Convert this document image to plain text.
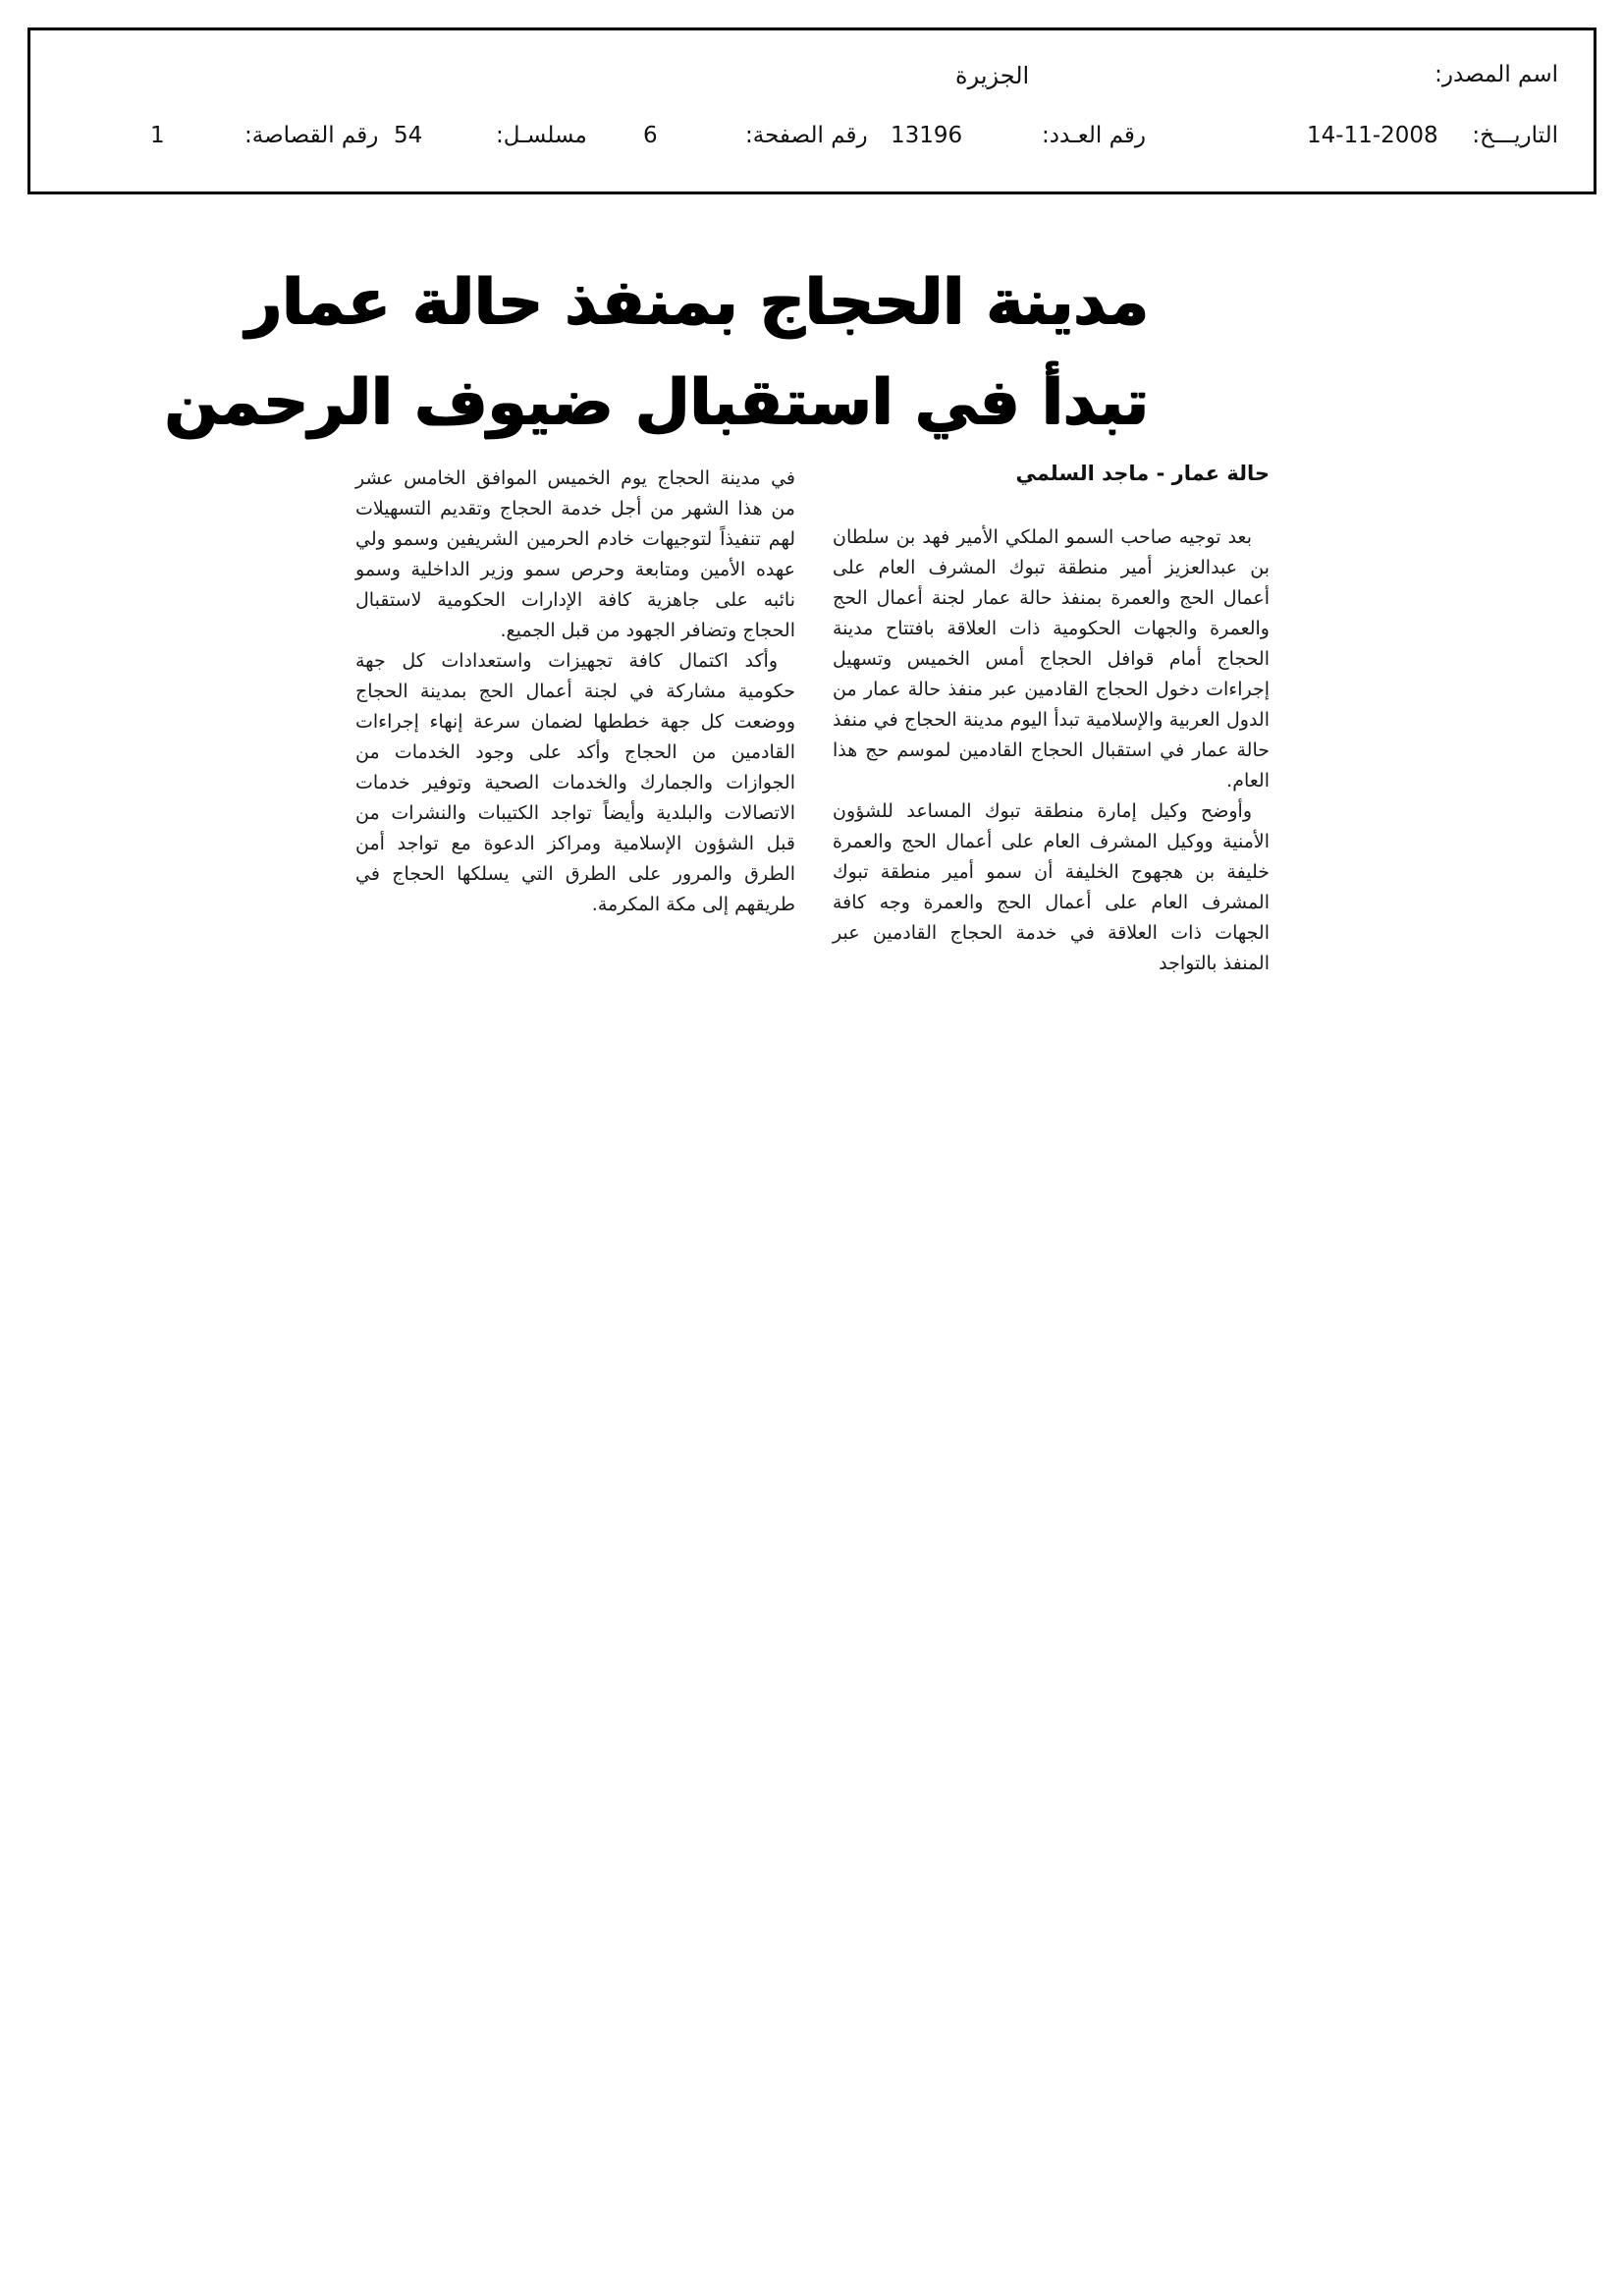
اسم المصدر:
الجزيرة
التاريـــخ:
14-11-2008
رقم العـدد:
13196
رقم الصفحة:
6
مسلسـل:
54
رقم القصاصة:
1
مدينة الحجاج بمنفذ حالة عمار
تبدأ في استقبال ضيوف الرحمن
حالة عمار - ماجد السلمي

بعد توجيه صاحب السمو الملكي الأمير فهد بن سلطان بن عبدالعزيز أمير منطقة تبوك المشرف العام على أعمال الحج والعمرة بمنفذ حالة عمار لجنة أعمال الحج والعمرة والجهات الحكومية ذات العلاقة بافتتاح مدينة الحجاج أمام قوافل الحجاج أمس الخميس وتسهيل إجراءات دخول الحجاج القادمين عبر منفذ حالة عمار من الدول العربية والإسلامية تبدأ اليوم مدينة الحجاج في منفذ حالة عمار في استقبال الحجاج القادمين لموسم حج هذا العام.

وأوضح وكيل إمارة منطقة تبوك المساعد للشؤون الأمنية ووكيل المشرف العام على أعمال الحج والعمرة خليفة بن هجهوج الخليفة أن سمو أمير منطقة تبوك المشرف العام على أعمال الحج والعمرة وجه كافة الجهات ذات العلاقة في خدمة الحجاج القادمين عبر المنفذ بالتواجد

في مدينة الحجاج يوم الخميس الموافق الخامس عشر من هذا الشهر من أجل خدمة الحجاج وتقديم التسهيلات لهم تنفيذاً لتوجيهات خادم الحرمين الشريفين وسمو ولي عهده الأمين ومتابعة وحرص سمو وزير الداخلية وسمو نائبه على جاهزية كافة الإدارات الحكومية لاستقبال الحجاج وتضافر الجهود من قبل الجميع.

وأكد اكتمال كافة تجهيزات واستعدادات كل جهة حكومية مشاركة في لجنة أعمال الحج بمدينة الحجاج ووضعت كل جهة خططها لضمان سرعة إنهاء إجراءات القادمين من الحجاج وأكد على وجود الخدمات من الجوازات والجمارك والخدمات الصحية وتوفير خدمات الاتصالات والبلدية وأيضاً تواجد الكتيبات والنشرات من قبل الشؤون الإسلامية ومراكز الدعوة مع تواجد أمن الطرق والمرور على الطرق التي يسلكها الحجاج في طريقهم إلى مكة المكرمة.
